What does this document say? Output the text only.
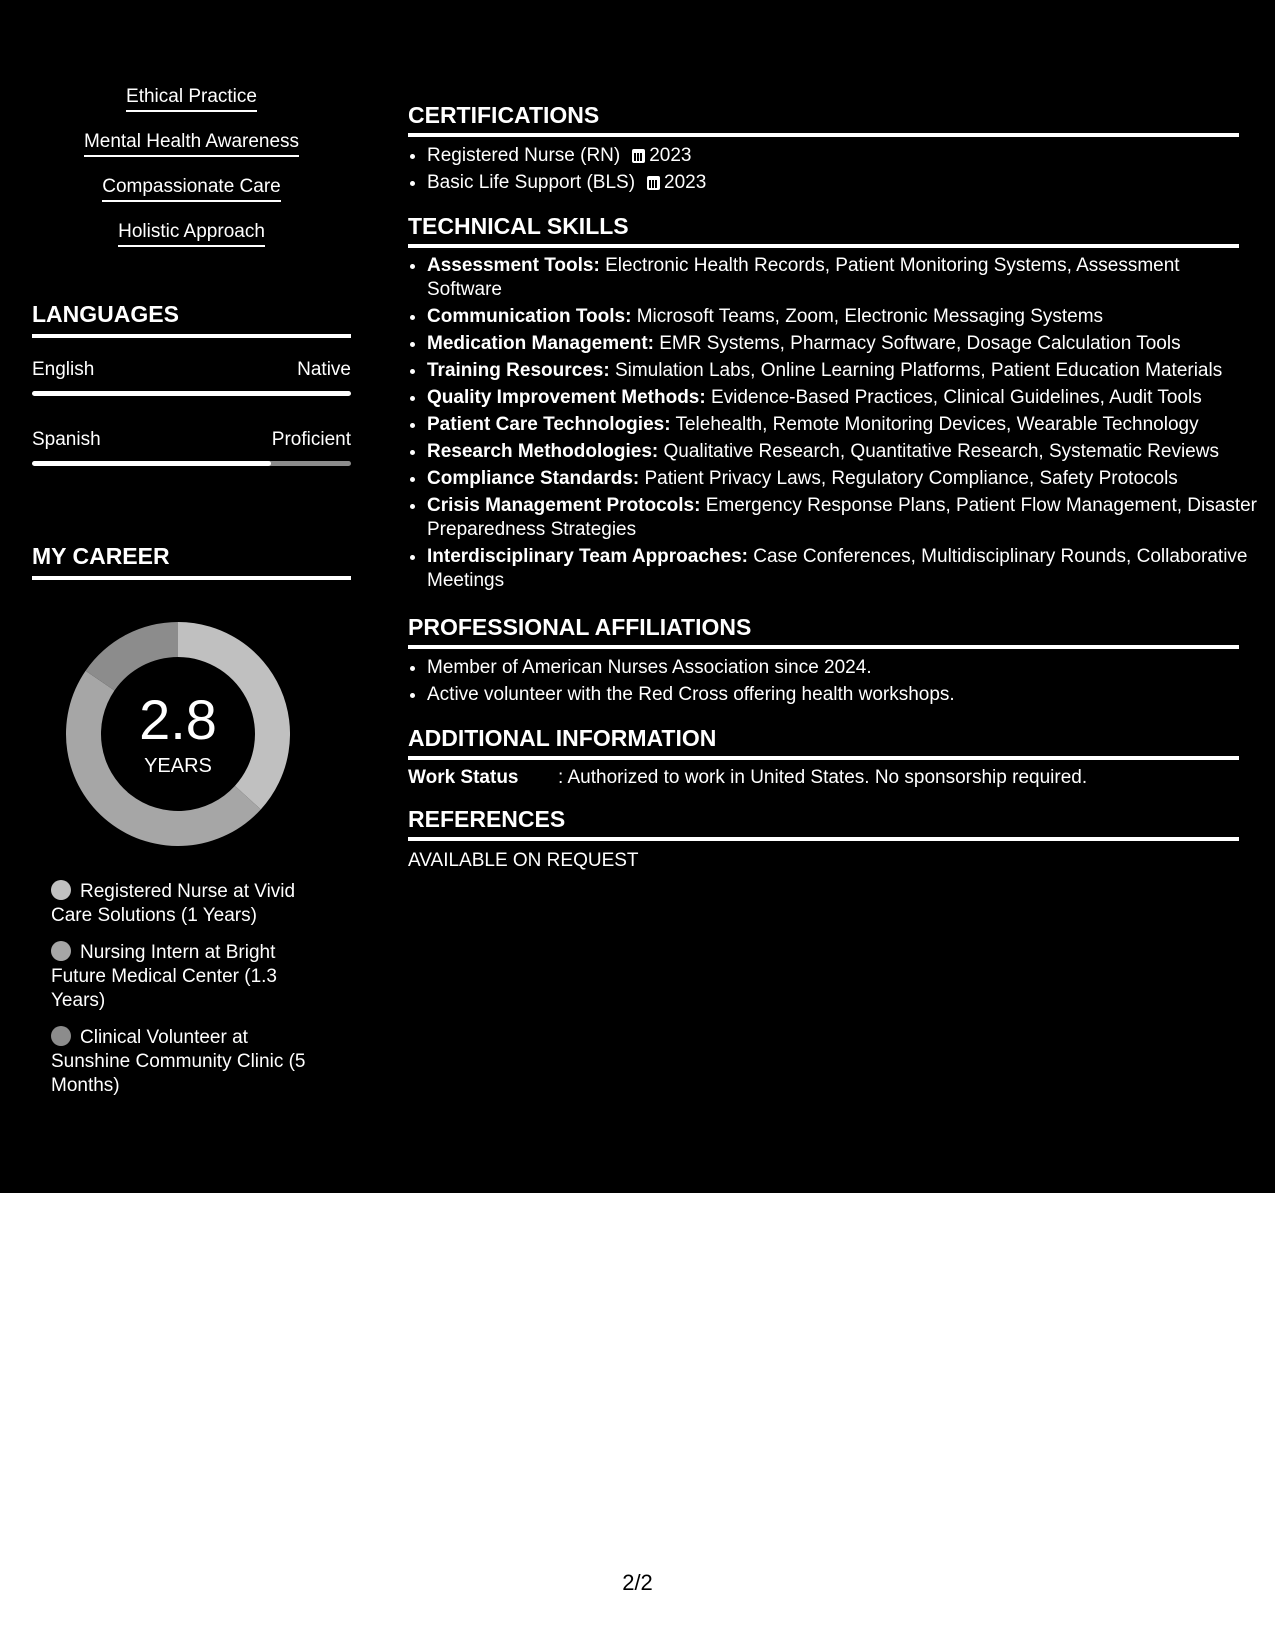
Ethical Practice
Mental Health Awareness
Compassionate Care
Holistic Approach
LANGUAGES
English	Native
Spanish	Proficient
MY CAREER
2.8
YEARS
Registered Nurse at Vivid Care Solutions (1 Years)
Nursing Intern at Bright Future Medical Center (1.3 Years)
Clinical Volunteer at Sunshine Community Clinic (5 Months)
CERTIFICATIONS
• Registered Nurse (RN) 2023
• Basic Life Support (BLS) 2023
TECHNICAL SKILLS
• Assessment Tools: Electronic Health Records, Patient Monitoring Systems, Assessment Software
• Communication Tools: Microsoft Teams, Zoom, Electronic Messaging Systems
• Medication Management: EMR Systems, Pharmacy Software, Dosage Calculation Tools
• Training Resources: Simulation Labs, Online Learning Platforms, Patient Education Materials
• Quality Improvement Methods: Evidence-Based Practices, Clinical Guidelines, Audit Tools
• Patient Care Technologies: Telehealth, Remote Monitoring Devices, Wearable Technology
• Research Methodologies: Qualitative Research, Quantitative Research, Systematic Reviews
• Compliance Standards: Patient Privacy Laws, Regulatory Compliance, Safety Protocols
• Crisis Management Protocols: Emergency Response Plans, Patient Flow Management, Disaster Preparedness Strategies
• Interdisciplinary Team Approaches: Case Conferences, Multidisciplinary Rounds, Collaborative Meetings
PROFESSIONAL AFFILIATIONS
• Member of American Nurses Association since 2024.
• Active volunteer with the Red Cross offering health workshops.
ADDITIONAL INFORMATION
Work Status : Authorized to work in United States. No sponsorship required.
REFERENCES
AVAILABLE ON REQUEST
2/2
